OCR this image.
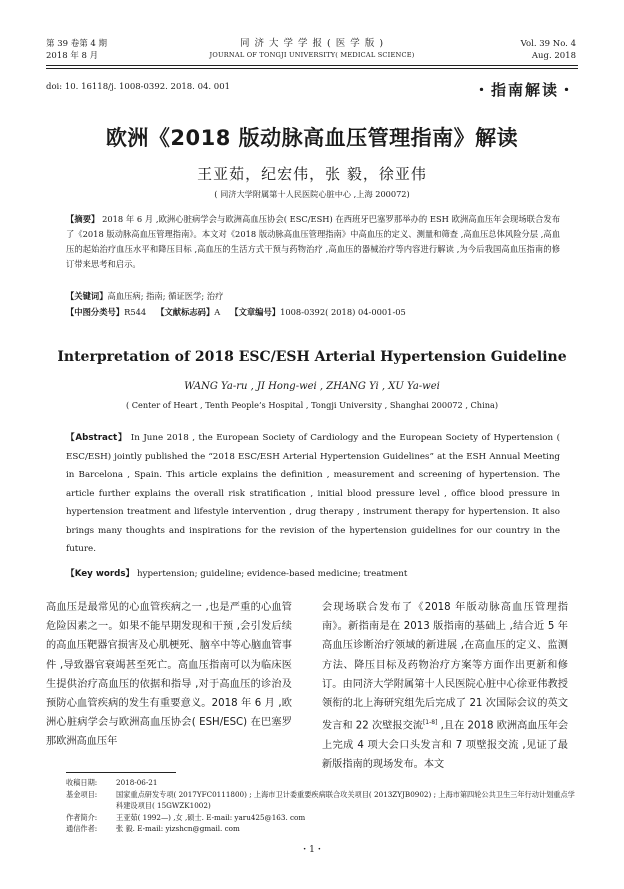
第 39 卷第 4 期
2018 年 8 月
同 济 大 学 学 报 ( 医 学 版 )
JOURNAL OF TONGJI UNIVERSITY( MEDICAL SCIENCE)
Vol. 39 No. 4
Aug. 2018
doi: 10. 16118/j. 1008-0392. 2018. 04. 001	・指南解读・
欧洲《2018 版动脉高血压管理指南》解读
王亚茹，纪宏伟，张 毅，徐亚伟
( 同济大学附属第十人民医院心脏中心 ,上海 200072)
【摘要】 2018 年 6 月 ,欧洲心脏病学会与欧洲高血压协会( ESC/ESH) 在西班牙巴塞罗那举办的 ESH 欧洲高血压年会现场联合发布了《2018 版动脉高血压管理指南》。本文对《2018 版动脉高血压管理指南》中高血压的定义、测量和筛查 ,高血压总体风险分层 ,高血压的起始治疗血压水平和降压目标 ,高血压的生活方式干预与药物治疗 ,高血压的器械治疗等内容进行解读 ,为今后我国高血压指南的修订带来思考和启示。
【关键词】高血压病; 指南; 循证医学; 治疗
【中图分类号】R544 【文献标志码】A 【文章编号】1008-0392( 2018) 04-0001-05
Interpretation of 2018 ESC/ESH Arterial Hypertension Guideline
WANG Ya-ru , JI Hong-wei , ZHANG Yi , XU Ya-wei
( Center of Heart , Tenth People’s Hospital , Tongji University , Shanghai 200072 , China)
【Abstract】 In June 2018 , the European Society of Cardiology and the European Society of Hypertension ( ESC/ESH) jointly published the “2018 ESC/ESH Arterial Hypertension Guidelines” at the ESH Annual Meeting in Barcelona , Spain. This article explains the definition , measurement and screening of hypertension. The article further explains the overall risk stratification , initial blood pressure level , office blood pressure in hypertension treatment and lifestyle intervention , drug therapy , instrument therapy for hypertension. It also brings many thoughts and inspirations for the revision of the hypertension guidelines for our country in the future.
【Key words】 hypertension; guideline; evidence-based medicine; treatment
高血压是最常见的心血管疾病之一 ,也是严重的心血管危险因素之一。如果不能早期发现和干预 ,会引发后续的高血压靶器官损害及心肌梗死、脑卒中等心脑血管事件 ,导致器官衰竭甚至死亡。高血压指南可以为临床医生提供治疗高血压的依据和指导 ,对于高血压的诊治及预防心血管疾病的发生有重要意义。2018 年 6 月 ,欧洲心脏病学会与欧洲高血压协会( ESH/ESC) 在巴塞罗那欧洲高血压年
会现场联合发布了《2018 年版动脉高血压管理指南》。新指南是在 2013 版指南的基础上 ,结合近 5 年高血压诊断治疗领域的新进展 ,在高血压的定义、监测方法、降压目标及药物治疗方案等方面作出更新和修订。由同济大学附属第十人民医院心脏中心徐亚伟教授领衔的北上海研究组先后完成了 21 次国际会议的英文发言和 22 次壁报交流[1-8] ,且在 2018 欧洲高血压年会上完成 4 项大会口头发言和 7 项壁报交流 ,见证了最新版指南的现场发布。本文
收稿日期:	2018-06-21
基金项目:	国家重点研发专项( 2017YFC0111800) ; 上海市卫计委重要疾病联合攻关项目( 2013ZYJB0902) ; 上海市第四轮公共卫生三年行动计划重点学科建设项目( 15GWZK1002)
作者简介:	王亚茹( 1992—) ,女 ,硕士. E-mail: yaru425@163. com
通信作者:	张 毅. E-mail: yizshcn@gmail. com
・1・
